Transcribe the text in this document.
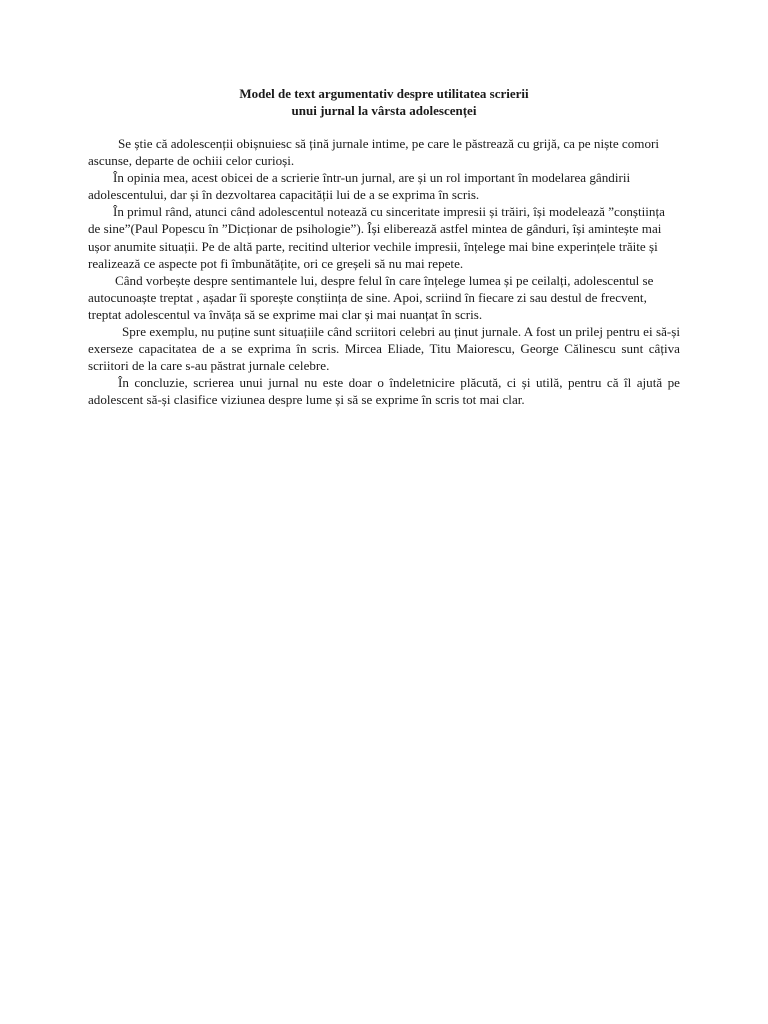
Model de text argumentativ despre utilitatea scrierii
unui jurnal la vârsta adolescenței

Se știe că adolescenții obișnuiesc să țină jurnale intime, pe care le păstrează cu grijă, ca pe niște comori ascunse, departe de ochiii celor curioși.

În opinia mea, acest obicei de a scrierie într-un jurnal, are și un rol important în modelarea gândirii adolescentului, dar și în dezvoltarea capacității lui de a se exprima în scris.

În primul rând, atunci când adolescentul notează cu sinceritate impresii și trăiri, își modelează ”conștiința de sine”(Paul Popescu în ”Dicționar de psihologie”). Își eliberează astfel mintea de gânduri, își amintește mai ușor anumite situații. Pe de altă parte, recitind ulterior vechile impresii, înțelege mai bine experințele trăite și realizează ce aspecte pot fi îmbunătățite, ori ce greșeli să nu mai repete.

Când vorbește despre sentimantele lui, despre felul în care înțelege lumea și pe ceilalți, adolescentul se autocunoaște treptat , așadar îi sporește conștiința de sine. Apoi, scriind în fiecare zi sau destul de frecvent, treptat adolescentul va învăța să se exprime mai clar și mai nuanțat în scris.

Spre exemplu, nu puține sunt situațiile când scriitori celebri au ținut jurnale. A fost un prilej pentru ei să-și exerseze capacitatea de a se exprima în scris. Mircea Eliade, Titu Maiorescu, George Călinescu sunt câțiva scriitori de la care s-au păstrat jurnale celebre.

În concluzie, scrierea unui jurnal nu este doar o îndeletnicire plăcută, ci și utilă, pentru că îl ajută pe adolescent să-și clasifice viziunea despre lume și să se exprime în scris tot mai clar.
